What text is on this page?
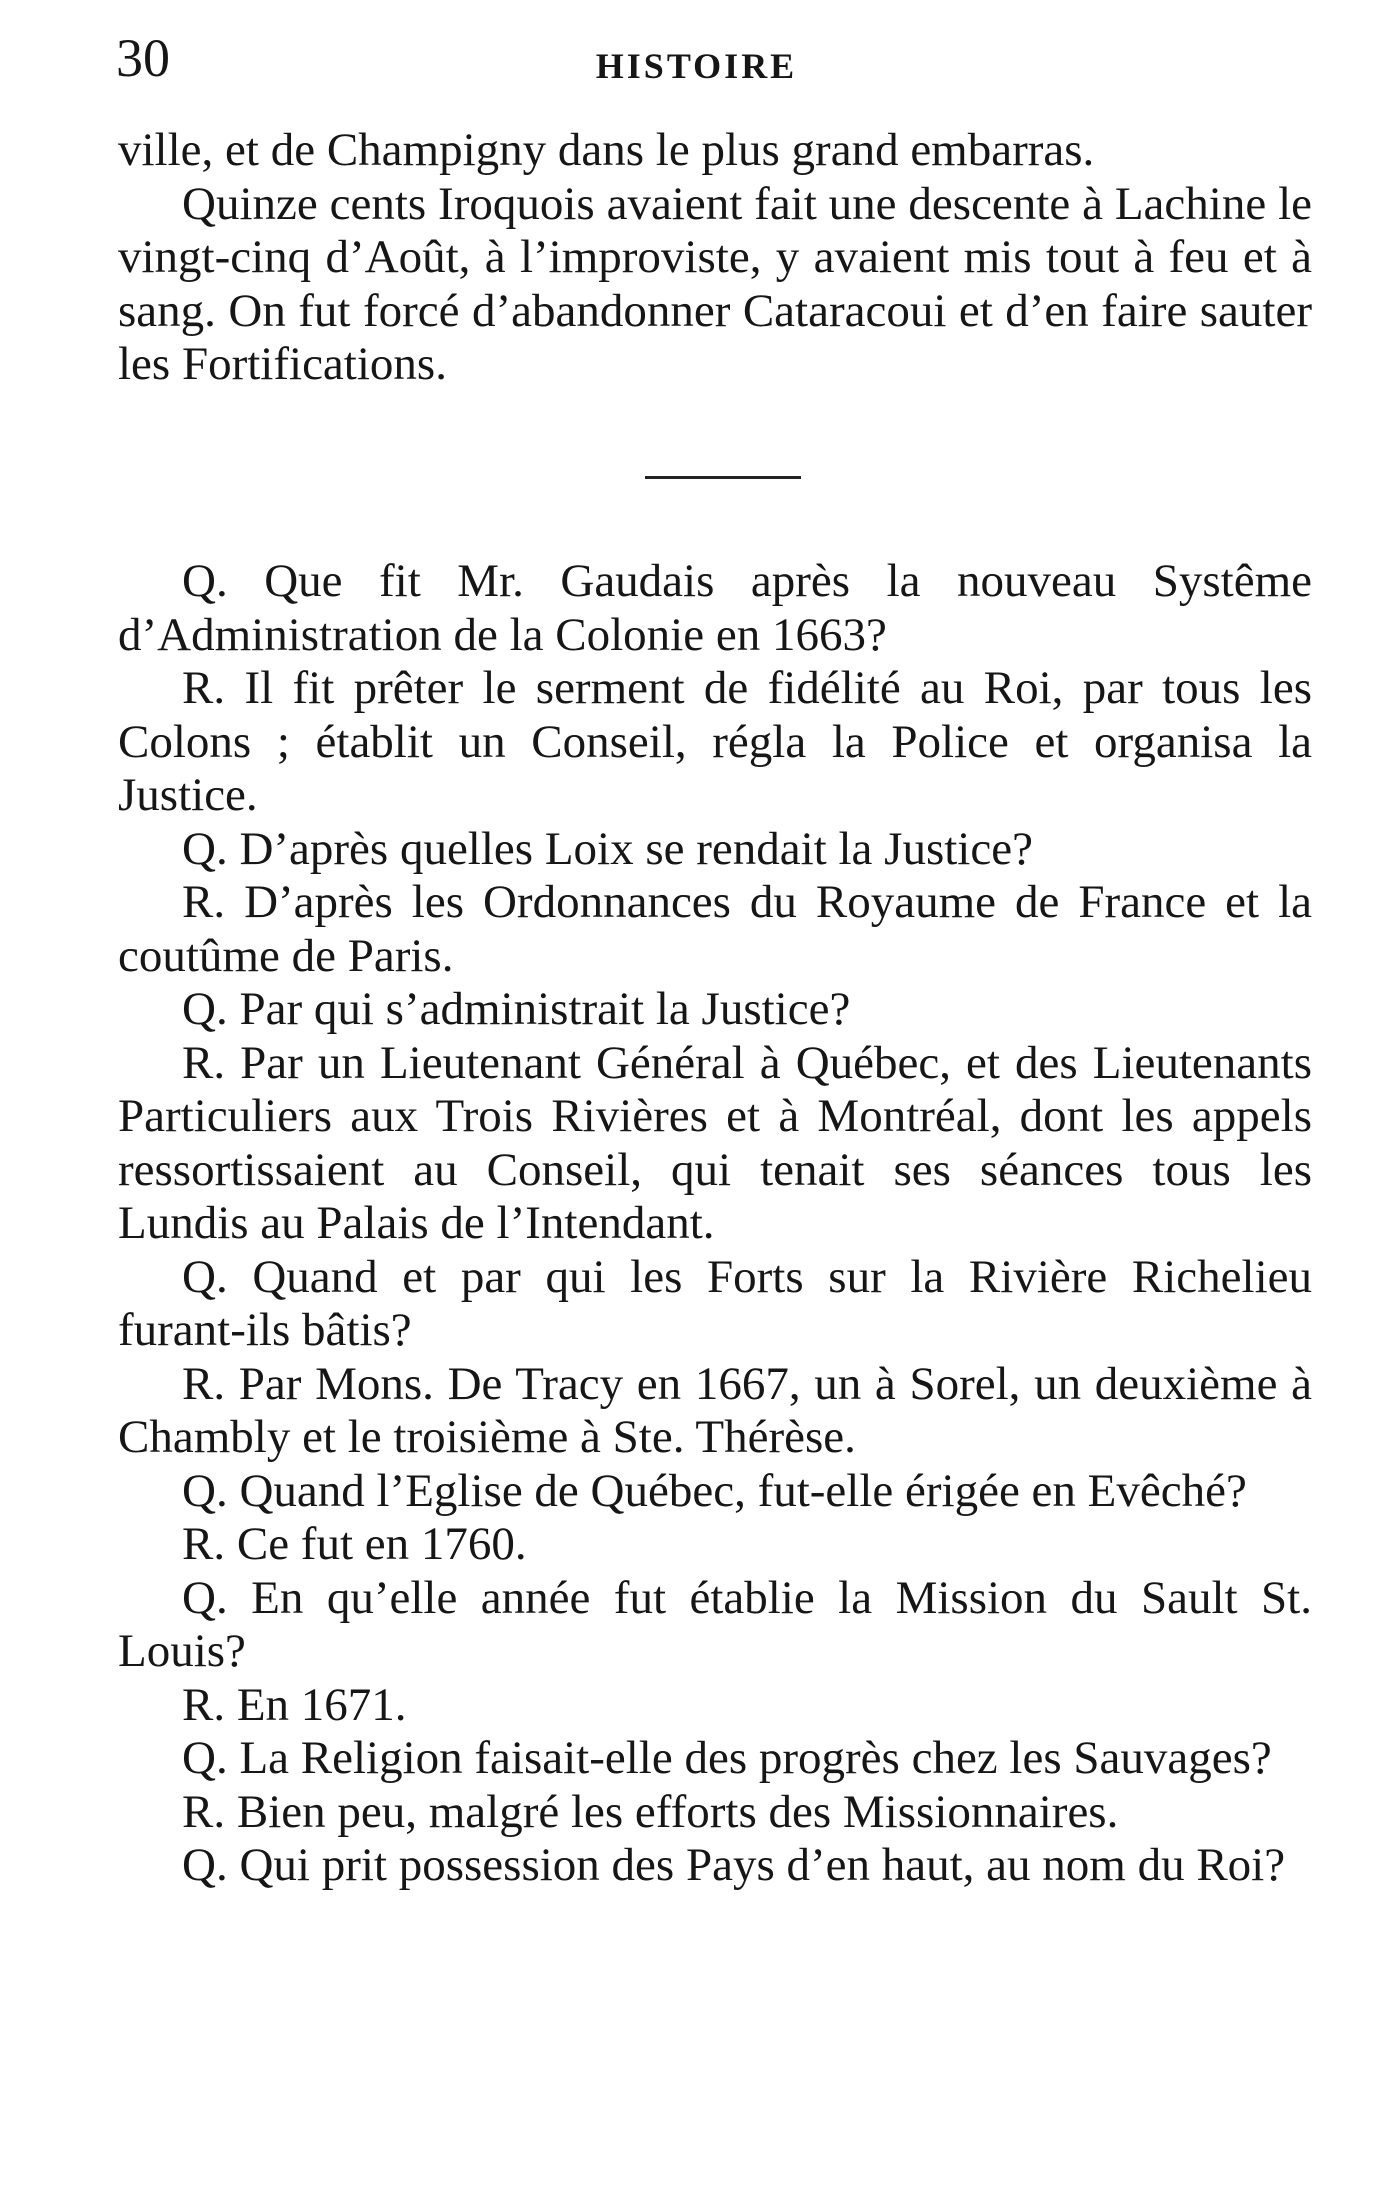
30	HISTOIRE

ville, et de Champigny dans le plus grand embarras.

Quinze cents Iroquois avaient fait une descente à Lachine le vingt-cinq d’Août, à l’improviste, y avaient mis tout à feu et à sang. On fut forcé d’abandonner Cataracoui et d’en faire sauter les Fortifications.

Q. Que fit Mr. Gaudais après la nouveau Systême d’Administration de la Colonie en 1663?

R. Il fit prêter le serment de fidélité au Roi, par tous les Colons ; établit un Conseil, régla la Police et organisa la Justice.

Q. D’après quelles Loix se rendait la Justice?

R. D’après les Ordonnances du Royaume de France et la coutûme de Paris.

Q. Par qui s’administrait la Justice?

R. Par un Lieutenant Général à Québec, et des Lieutenants Particuliers aux Trois Rivières et à Montréal, dont les appels ressortissaient au Conseil, qui tenait ses séances tous les Lundis au Palais de l’Intendant.

Q. Quand et par qui les Forts sur la Rivière Richelieu furant-ils bâtis?

R. Par Mons. De Tracy en 1667, un à Sorel, un deuxième à Chambly et le troisième à Ste. Thérèse.

Q. Quand l’Eglise de Québec, fut-elle érigée en Evêché?

R. Ce fut en 1760.

Q. En qu’elle année fut établie la Mission du Sault St. Louis?

R. En 1671.

Q. La Religion faisait-elle des progrès chez les Sauvages?

R. Bien peu, malgré les efforts des Missionnaires.

Q. Qui prit possession des Pays d’en haut, au nom du Roi?
